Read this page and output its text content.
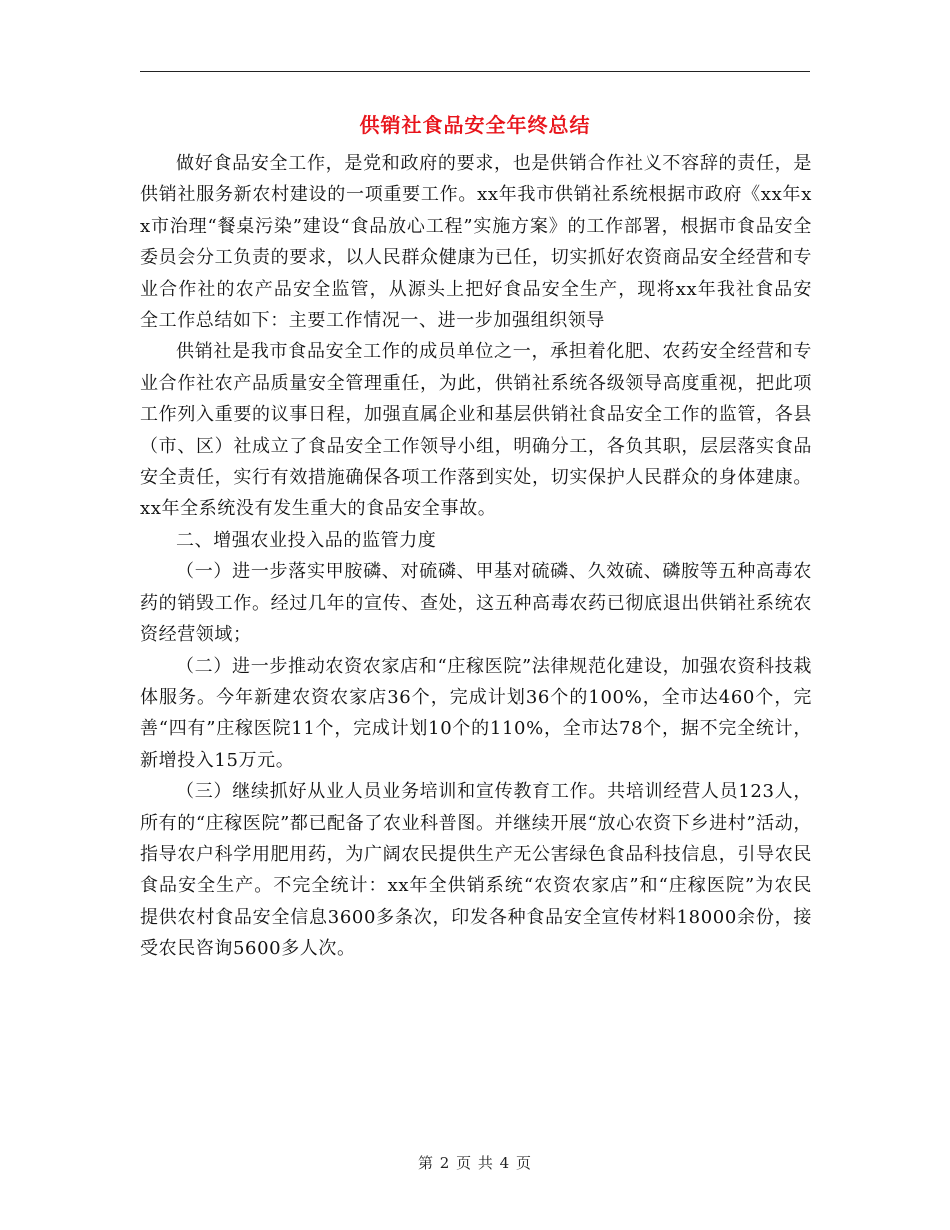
供销社食品安全年终总结

做好食品安全工作，是党和政府的要求，也是供销合作社义不容辞的责任，是供销社服务新农村建设的一项重要工作。xx年我市供销社系统根据市政府《xx年xx市治理“餐桌污染”建设“食品放心工程”实施方案》的工作部署，根据市食品安全委员会分工负责的要求，以人民群众健康为已任，切实抓好农资商品安全经营和专业合作社的农产品安全监管，从源头上把好食品安全生产，现将xx年我社食品安全工作总结如下：主要工作情况一、进一步加强组织领导

供销社是我市食品安全工作的成员单位之一，承担着化肥、农药安全经营和专业合作社农产品质量安全管理重任，为此，供销社系统各级领导高度重视，把此项工作列入重要的议事日程，加强直属企业和基层供销社食品安全工作的监管，各县（市、区）社成立了食品安全工作领导小组，明确分工，各负其职，层层落实食品安全责任，实行有效措施确保各项工作落到实处，切实保护人民群众的身体建康。xx年全系统没有发生重大的食品安全事故。

二、增强农业投入品的监管力度

（一）进一步落实甲胺磷、对硫磷、甲基对硫磷、久效硫、磷胺等五种高毒农药的销毁工作。经过几年的宣传、查处，这五种高毒农药已彻底退出供销社系统农资经营领域；

（二）进一步推动农资农家店和“庄稼医院”法律规范化建设，加强农资科技栽体服务。今年新建农资农家店36个，完成计划36个的100%，全市达460个，完善“四有”庄稼医院11个，完成计划10个的110%，全市达78个，据不完全统计，新增投入15万元。

（三）继续抓好从业人员业务培训和宣传教育工作。共培训经营人员123人，所有的“庄稼医院”都已配备了农业科普图。并继续开展“放心农资下乡进村”活动，指导农户科学用肥用药，为广阔农民提供生产无公害绿色食品科技信息，引导农民食品安全生产。不完全统计：xx年全供销系统“农资农家店”和“庄稼医院”为农民提供农村食品安全信息3600多条次，印发各种食品安全宣传材料18000余份，接受农民咨询5600多人次。

第 2 页 共 4 页
